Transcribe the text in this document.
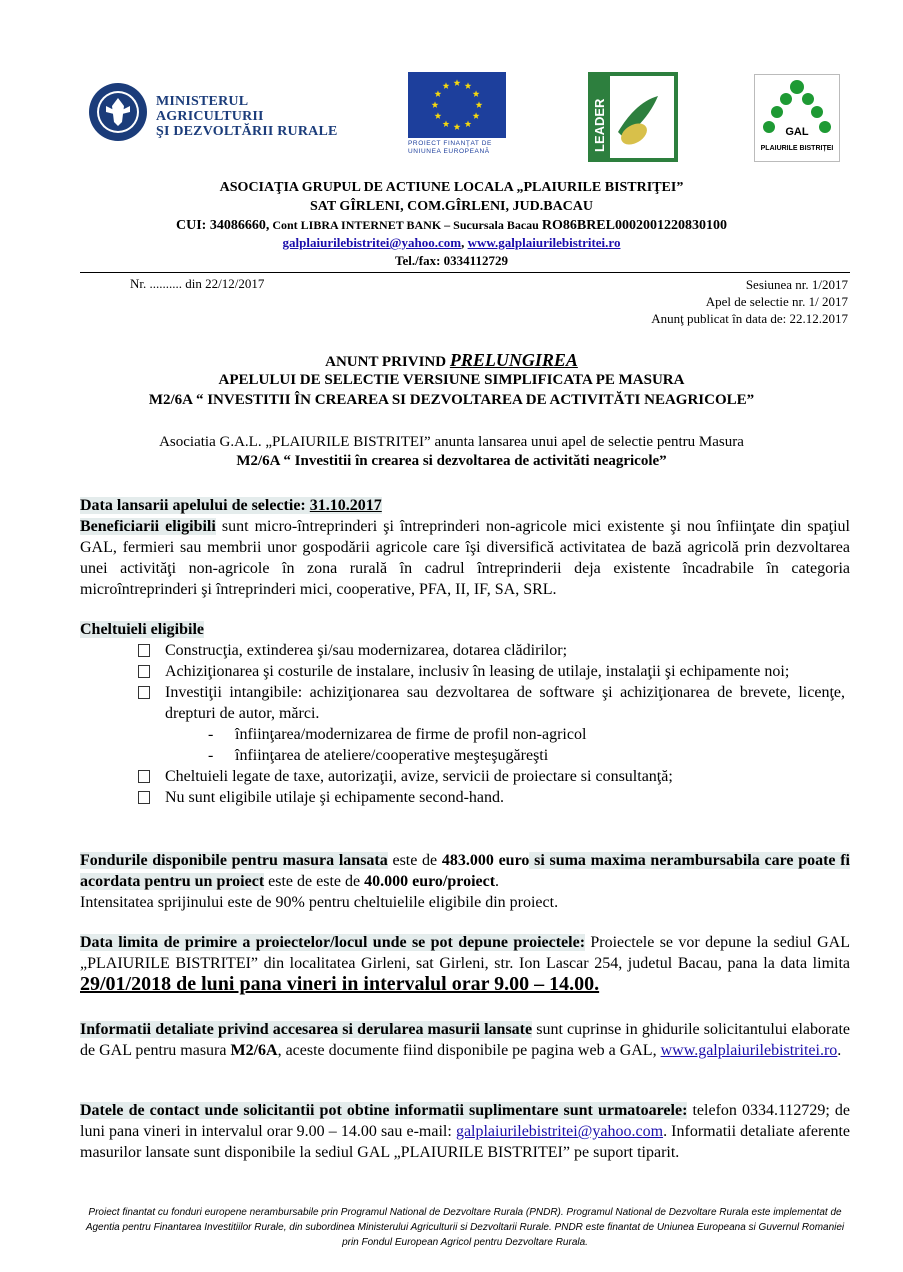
MINISTERUL AGRICULTURII
ŞI DEZVOLTĂRII RURALE
PROIECT FINANŢAT DE UNIUNEA EUROPEANĂ	LEADER	GAL
PLAIURILE BISTRIȚEI
ASOCIAŢIA GRUPUL DE ACTIUNE LOCALA „PLAIURILE BISTRIŢEI”
SAT GÎRLENI, COM.GÎRLENI, JUD.BACAU
CUI: 34086660, Cont LIBRA INTERNET BANK – Sucursala Bacau RO86BREL0002001220830100
galplaiurilebistritei@yahoo.com, www.galplaiurilebistritei.ro
Tel./fax: 0334112729
Nr. .......... din 22/12/2017	Sesiunea nr. 1/2017
Apel de selectie nr. 1/ 2017
Anunţ publicat în data de: 22.12.2017
ANUNT PRIVIND PRELUNGIREA
APELULUI DE SELECTIE VERSIUNE SIMPLIFICATA PE MASURA
M2/6A “ INVESTITII ÎN CREAREA SI DEZVOLTAREA DE ACTIVITĂTI NEAGRICOLE”
Asociatia G.A.L. „PLAIURILE BISTRITEI” anunta lansarea unui apel de selectie pentru Masura
M2/6A “ Investitii în crearea si dezvoltarea de activităti neagricole”
Data lansarii apelului de selectie: 31.10.2017
Beneficiarii eligibili sunt micro-întreprinderi şi întreprinderi non-agricole mici existente şi nou înfiinţate din spaţiul GAL, fermieri sau membrii unor gospodării agricole care îşi diversifică activitatea de bază agricolă prin dezvoltarea unei activităţi non-agricole în zona rurală în cadrul întreprinderii deja existente încadrabile în categoria microîntreprinderi şi întreprinderi mici, cooperative, PFA, II, IF, SA, SRL.
Cheltuieli eligibile
Construcţia, extinderea şi/sau modernizarea, dotarea clădirilor;
Achiziţionarea şi costurile de instalare, inclusiv în leasing de utilaje, instalaţii şi echipamente noi;
Investiţii intangibile: achiziţionarea sau dezvoltarea de software şi achiziţionarea de brevete, licenţe, drepturi de autor, mărci.
- înfiinţarea/modernizarea de firme de profil non-agricol
- înfiinţarea de ateliere/cooperative meşteşugăreşti
Cheltuieli legate de taxe, autorizaţii, avize, servicii de proiectare si consultanţă;
Nu sunt eligibile utilaje şi echipamente second-hand.
Fondurile disponibile pentru masura lansata este de 483.000 euro si suma maxima nerambursabila care poate fi acordata pentru un proiect este de este de 40.000 euro/proiect.
Intensitatea sprijinului este de 90% pentru cheltuielile eligibile din proiect.
Data limita de primire a proiectelor/locul unde se pot depune proiectele: Proiectele se vor depune la sediul GAL „PLAIURILE BISTRITEI” din localitatea Girleni, sat Girleni, str. Ion Lascar 254, judetul Bacau, pana la data limita 29/01/2018 de luni pana vineri in intervalul orar 9.00 – 14.00.
Informatii detaliate privind accesarea si derularea masurii lansate sunt cuprinse in ghidurile solicitantului elaborate de GAL pentru masura M2/6A, aceste documente fiind disponibile pe pagina web a GAL, www.galplaiurilebistritei.ro.
Datele de contact unde solicitantii pot obtine informatii suplimentare sunt urmatoarele: telefon 0334.112729; de luni pana vineri in intervalul orar 9.00 – 14.00 sau e-mail: galplaiurilebistritei@yahoo.com. Informatii detaliate aferente masurilor lansate sunt disponibile la sediul GAL „PLAIURILE BISTRITEI” pe suport tiparit.
Proiect finantat cu fonduri europene nerambursabile prin Programul National de Dezvoltare Rurala (PNDR). Programul National de Dezvoltare Rurala este implementat de Agentia pentru Finantarea Investitiilor Rurale, din subordinea Ministerului Agriculturii si Dezvoltarii Rurale. PNDR este finantat de Uniunea Europeana si Guvernul Romaniei prin Fondul European Agricol pentru Dezvoltare Rurala.
